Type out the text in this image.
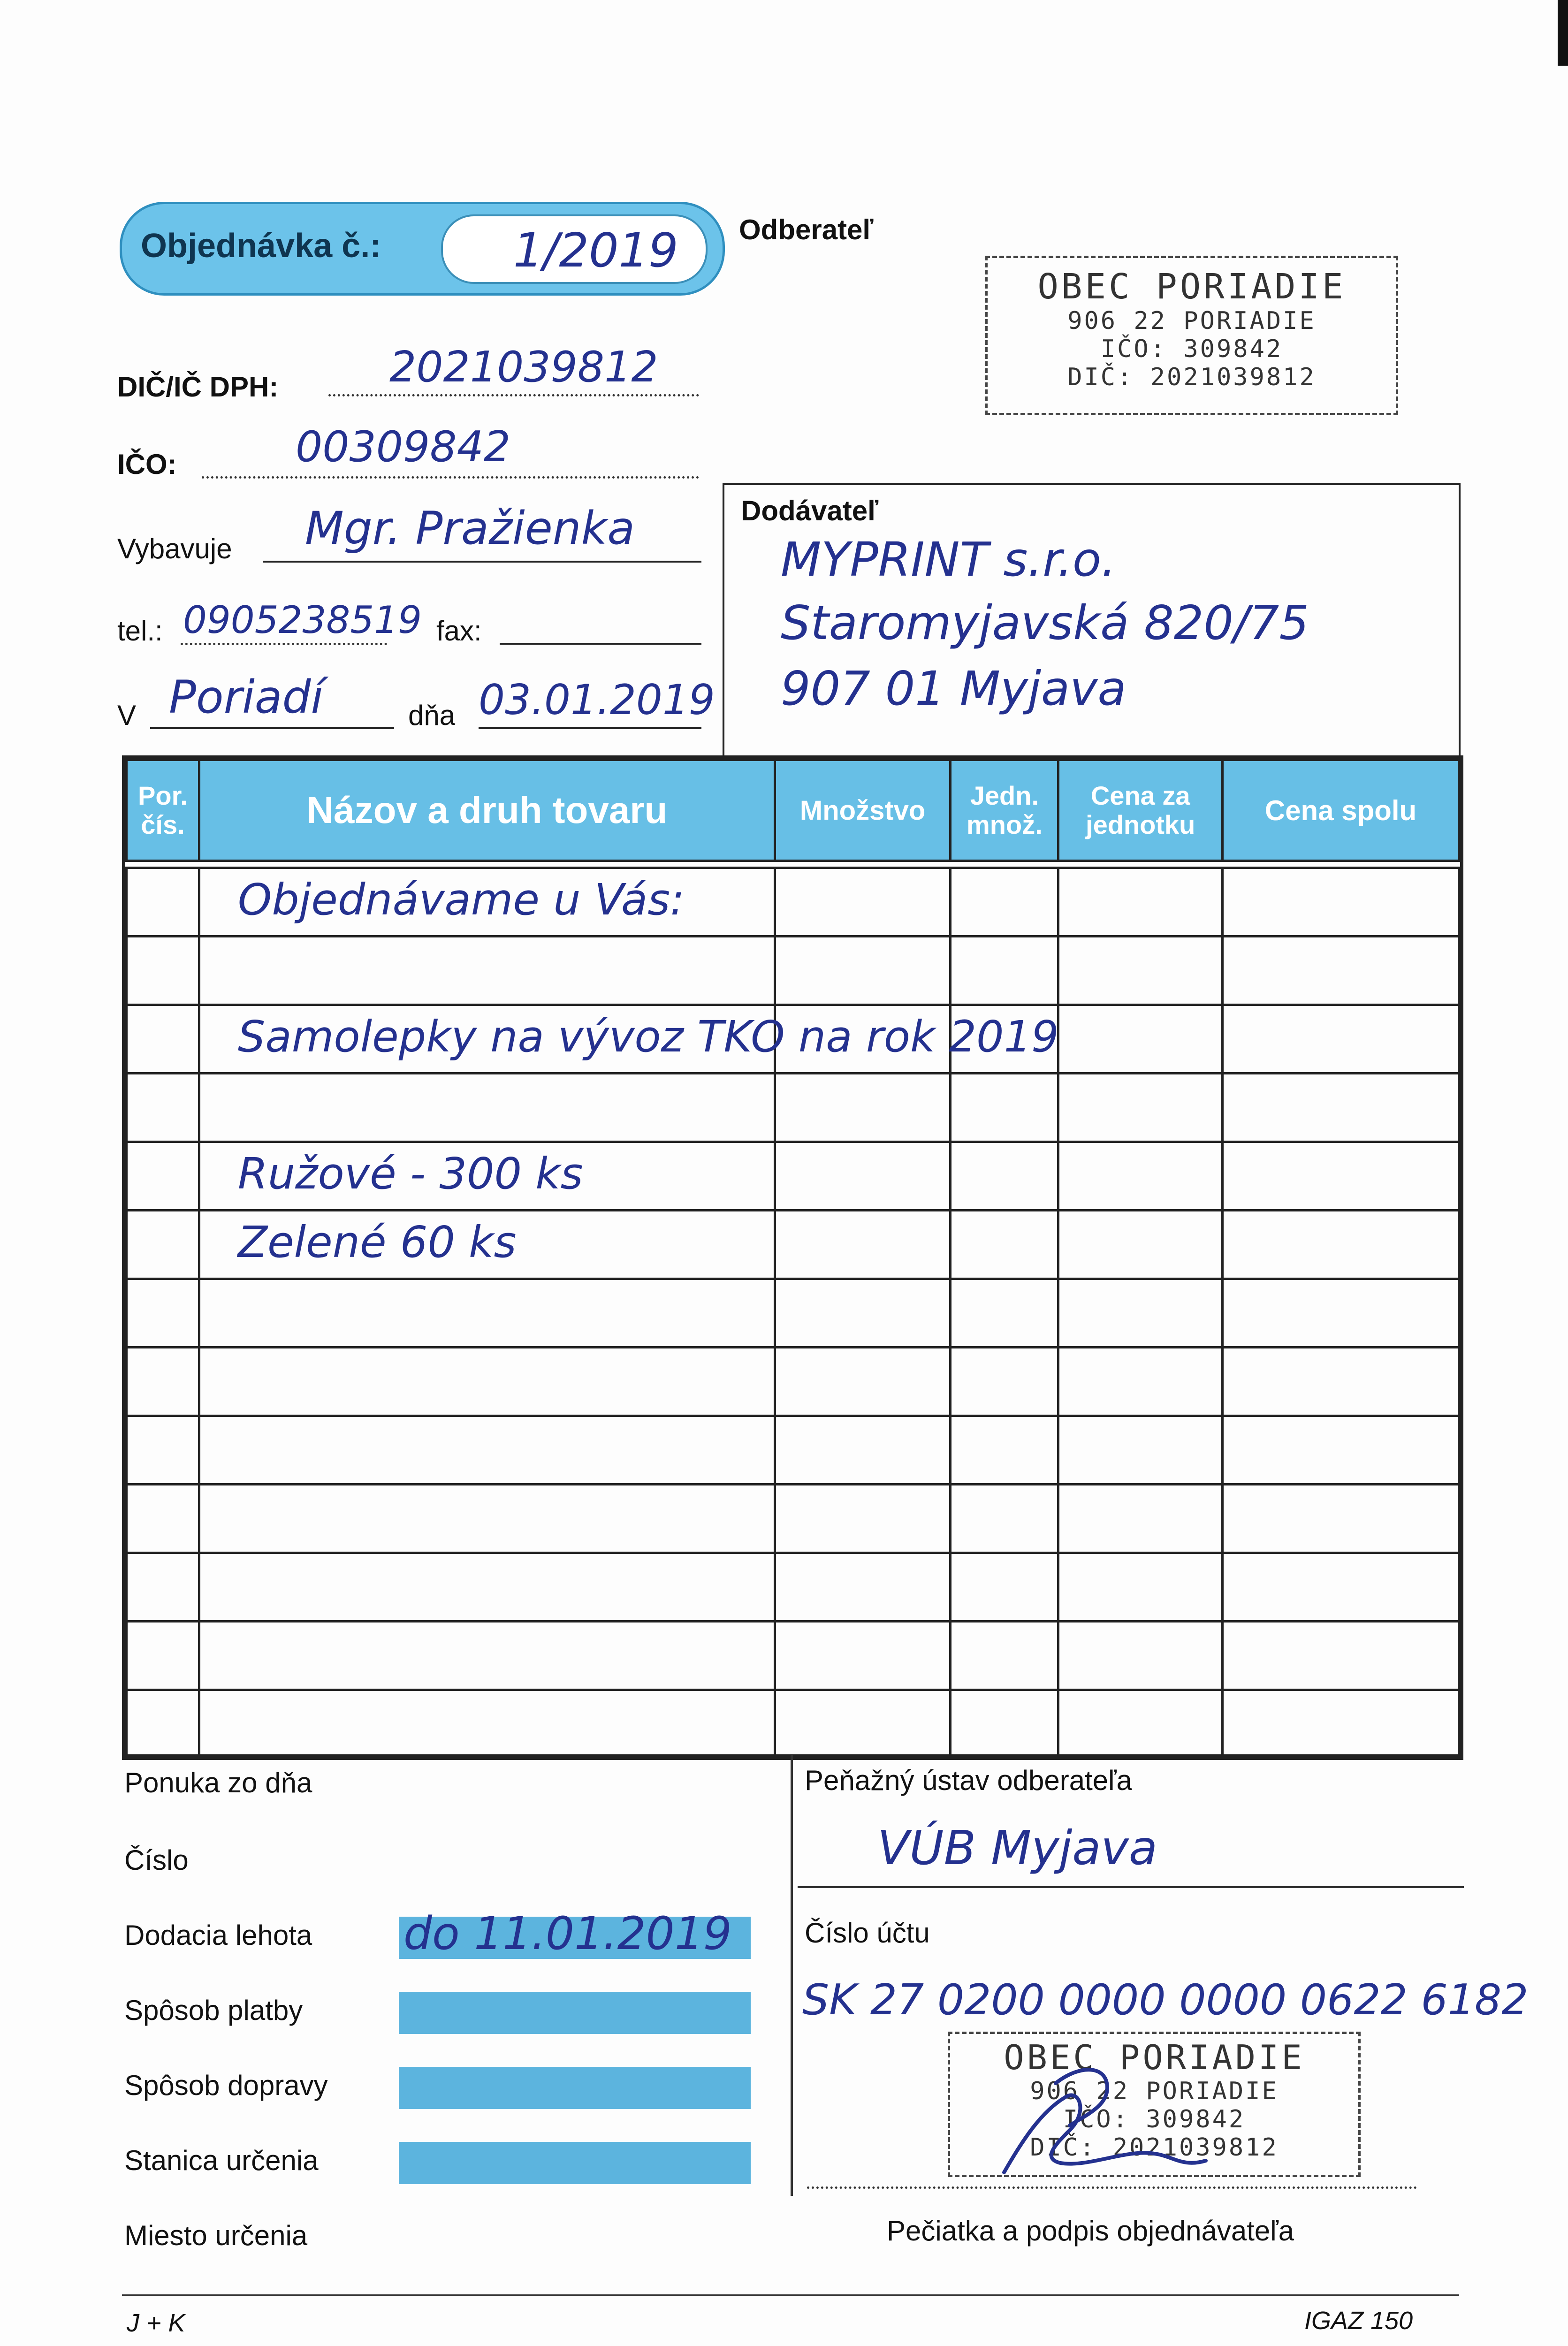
Objednávka č.:	1/2019 Odberateľ
OBEC PORIADIE
906 22 PORIADIE
IČO: 309842
DIČ: 2021039812
DIČ/IČ DPH:	2021039812
IČO:	00309842
Vybavuje Mgr. Pražienka
tel.: 0905238519 fax:
V Poriadí	dňa 03.01.2019
Dodávateľ
MYPRINT s.r.o.
Staromyjavská 820/75
907 01 Myjava
Por. čís.	Názov a druh tovaru	Množstvo	Jedn. množ.	Cena za jednotku	Cena spolu

	Objednávame u Vás:				

	Samolepky na vývoz TKO na rok 2019				

	Ružové - 300 ks				

	Zelené 60 ks				

Ponuka zo dňa
Číslo
Dodacia lehota do 11.01.2019
Spôsob platby
Spôsob dopravy
Stanica určenia
Miesto určenia
Peňažný ústav odberateľa
VÚB Myjava
Číslo účtu
SK 27 0200 0000 0000 0622 6182
OBEC PORIADIE
906 22 PORIADIE
IČO: 309842
DIČ: 2021039812
Pečiatka a podpis objednávateľa
J + K	IGAZ 150
